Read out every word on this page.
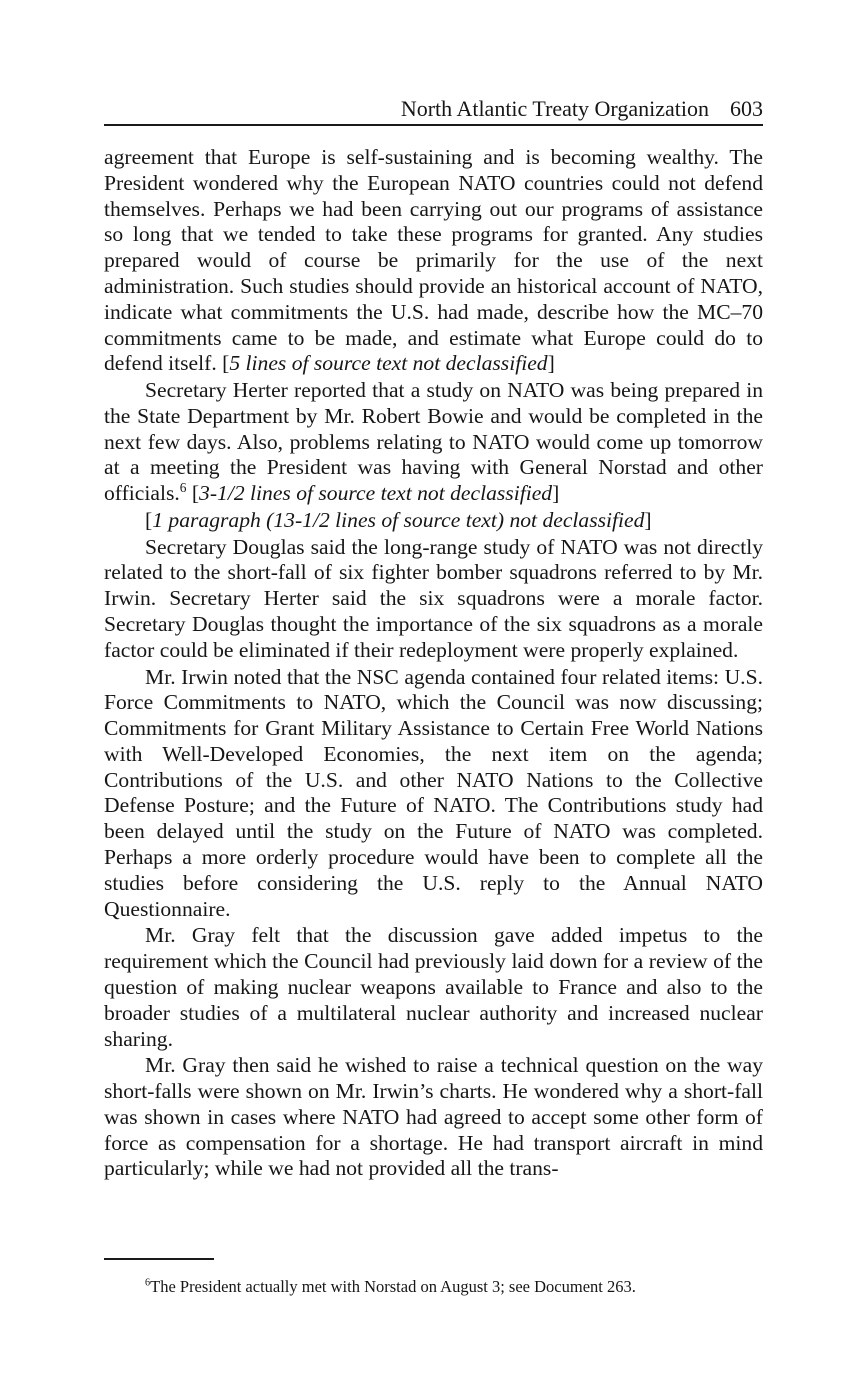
North Atlantic Treaty Organization 603

agreement that Europe is self-sustaining and is becoming wealthy. The President wondered why the European NATO countries could not defend themselves. Perhaps we had been carrying out our programs of assistance so long that we tended to take these programs for granted. Any studies prepared would of course be primarily for the use of the next administration. Such studies should provide an historical account of NATO, indicate what commitments the U.S. had made, describe how the MC–70 commitments came to be made, and estimate what Europe could do to defend itself. [5 lines of source text not declassified]

Secretary Herter reported that a study on NATO was being prepared in the State Department by Mr. Robert Bowie and would be completed in the next few days. Also, problems relating to NATO would come up tomorrow at a meeting the President was having with General Norstad and other officials.$^6$ [3-1/2 lines of source text not declassified]

[1 paragraph (13-1/2 lines of source text) not declassified]

Secretary Douglas said the long-range study of NATO was not directly related to the short-fall of six fighter bomber squadrons referred to by Mr. Irwin. Secretary Herter said the six squadrons were a morale factor. Secretary Douglas thought the importance of the six squadrons as a morale factor could be eliminated if their redeployment were properly explained.

Mr. Irwin noted that the NSC agenda contained four related items: U.S. Force Commitments to NATO, which the Council was now discussing; Commitments for Grant Military Assistance to Certain Free World Nations with Well-Developed Economies, the next item on the agenda; Contributions of the U.S. and other NATO Nations to the Collective Defense Posture; and the Future of NATO. The Contributions study had been delayed until the study on the Future of NATO was completed. Perhaps a more orderly procedure would have been to complete all the studies before considering the U.S. reply to the Annual NATO Questionnaire.

Mr. Gray felt that the discussion gave added impetus to the requirement which the Council had previously laid down for a review of the question of making nuclear weapons available to France and also to the broader studies of a multilateral nuclear authority and increased nuclear sharing.

Mr. Gray then said he wished to raise a technical question on the way short-falls were shown on Mr. Irwin’s charts. He wondered why a short-fall was shown in cases where NATO had agreed to accept some other form of force as compensation for a shortage. He had transport aircraft in mind particularly; while we had not provided all the trans-

$^6$The President actually met with Norstad on August 3; see Document 263.
